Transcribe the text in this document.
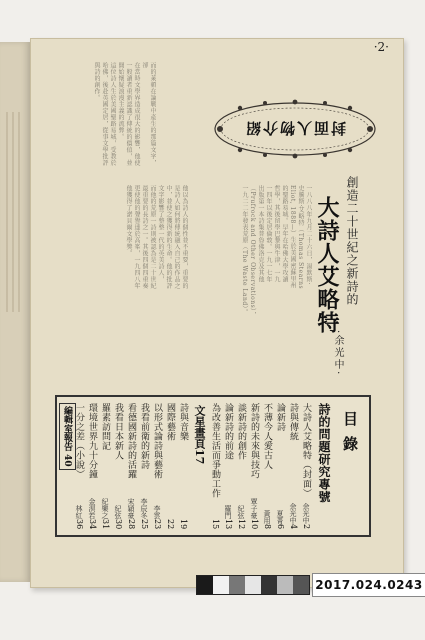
·2·
而的萊頓在論戰中產生的那篇文字，卻
在當時文學界造成很大的影響，他使
一般讀者重新認識了傳統的價值，並
開始懷疑浪漫主義的流弊。
這位詩人生於美國聖路易城，受教於
哈佛，後赴英國定居，從事文學批評
與詩的創作。
他以為詩人的個性並不重要，重要的
是詩人如何將傳統融入自己的作品之
中，並使之獲得新的生命。他的批評
文字影響了整整一代的英美詩人，
而他的荒原一詩則被認為是二十世紀
最重要的長詩之一。其後四個四重奏
更使他的聲譽達於高峯，一九四八年
他獲得了諾貝爾文學獎。	一八八八年九月二十六日，湯默斯·
史騰斯·艾略特（Thomas Stearns
Eliot, 1888—）生於美國密蘇里州
的聖路易城。早年在哈佛大學攻讀
哲學，其後留學巴黎與牛津，一九
一四年以後定居倫敦。一九一七年
出版第一本詩集普魯佛洛克及其他
（Prufrock and Other Observations），
一九二二年發表荒原（The Waste Land）。
封面人物介紹
創造二十世紀之新詩的
大詩人艾略特
·余光中·
目錄
詩的問題研究專號
大詩人艾略特（封面）
余光中2
詩與傳統
余光中4
論新詩
夏菁6
不薄今人愛古人
黃用8
新詩的未來與技巧
覃子豪10
談新詩的創作
紀弦12
論新詩的前途
羅門13
為改善生活而爭動工作
15
文星畫頁17
詩與音樂
19
國際藝術
22
以形式論詩與藝術
李雲23
我看前衛的新詩
李辰冬25
看德國新詩的活躍
宋穎豪28
我看日本新人
紀弦30
羅素訪問記
紀樂之31
環境世界九十分鐘
金溟若34
一分之差（小說）
林紅36
編輯室報告 40
2017.024.0243
